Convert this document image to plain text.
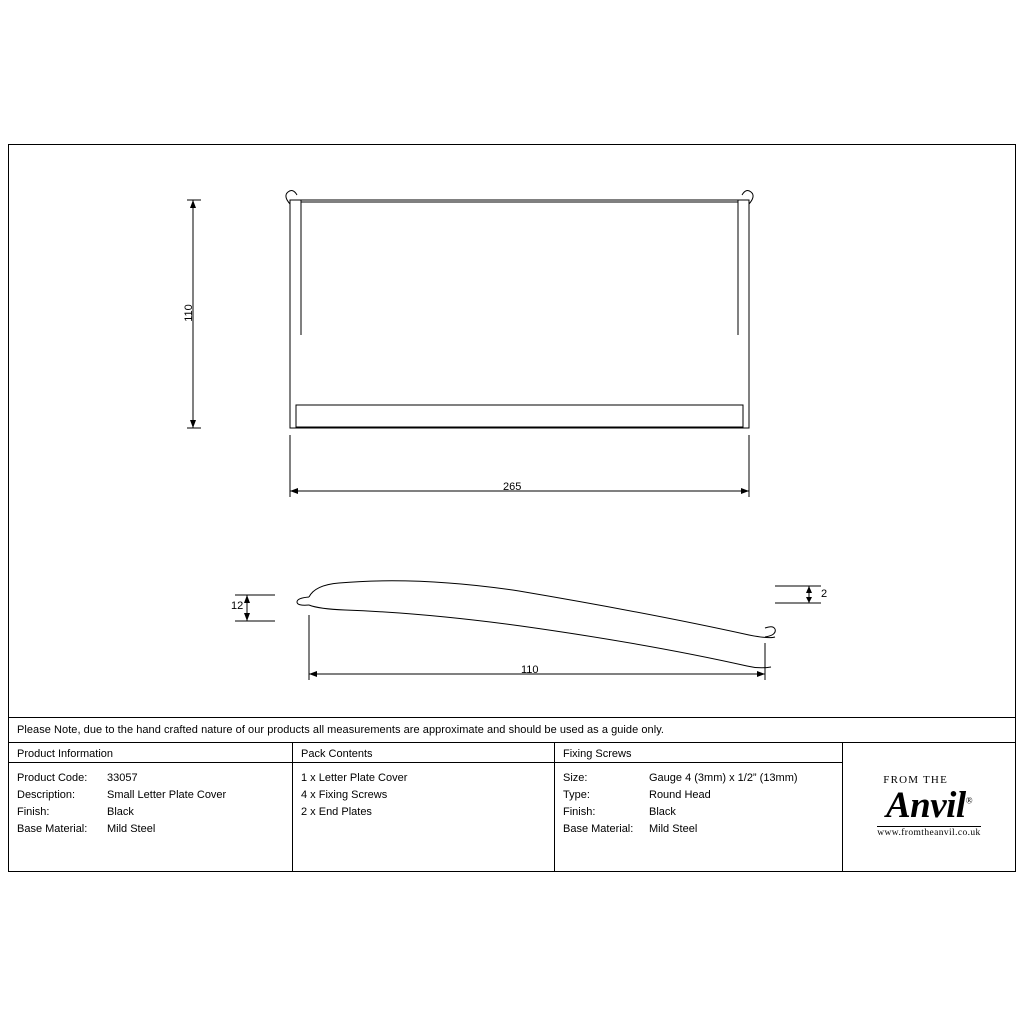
110
265
12
2
110
Please Note, due to the hand crafted nature of our products all measurements are approximate and should be used as a guide only.
Product Information
Product Code:	33057
Description:	Small Letter Plate Cover
Finish:	Black
Base Material:	Mild Steel
Pack Contents
1 x Letter Plate Cover
4 x Fixing Screws
2 x End Plates
Fixing Screws
Size:	Gauge 4 (3mm) x 1/2” (13mm)
Type:	Round Head
Finish:	Black
Base Material:	Mild Steel
FROM THE
Anvil®
www.fromtheanvil.co.uk
